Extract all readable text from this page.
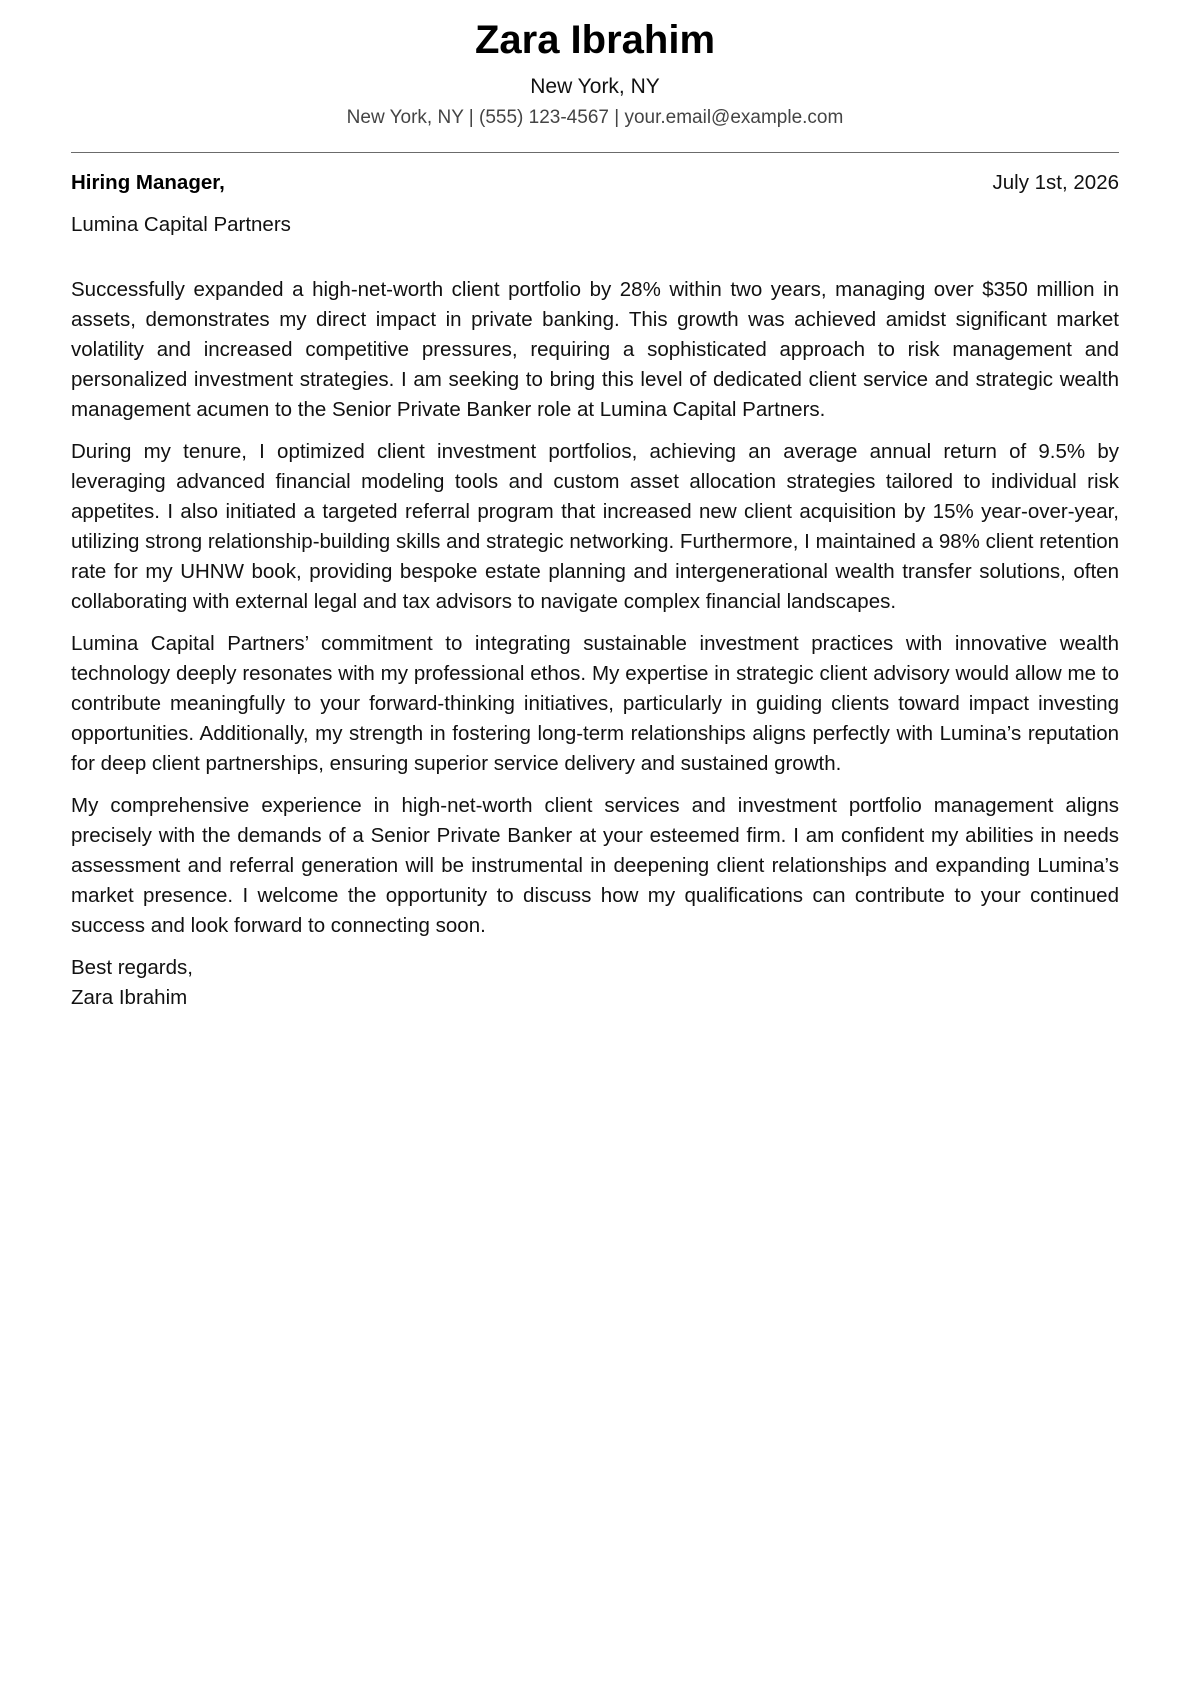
Zara Ibrahim
New York, NY
New York, NY | (555) 123-4567 | your.email@example.com
Hiring Manager,	July 1st, 2026
Lumina Capital Partners

Successfully expanded a high-net-worth client portfolio by 28% within two years, managing over $350 million in assets, demonstrates my direct impact in private banking. This growth was achieved amidst significant market volatility and increased competitive pressures, requiring a sophisticated approach to risk management and personalized investment strategies. I am seeking to bring this level of dedicated client service and strategic wealth management acumen to the Senior Private Banker role at Lumina Capital Partners.

During my tenure, I optimized client investment portfolios, achieving an average annual return of 9.5% by leveraging advanced financial modeling tools and custom asset allocation strategies tailored to individual risk appetites. I also initiated a targeted referral program that increased new client acquisition by 15% year-over-year, utilizing strong relationship-building skills and strategic networking. Furthermore, I maintained a 98% client retention rate for my UHNW book, providing bespoke estate planning and intergenerational wealth transfer solutions, often collaborating with external legal and tax advisors to navigate complex financial landscapes.

Lumina Capital Partners’ commitment to integrating sustainable investment practices with innovative wealth technology deeply resonates with my professional ethos. My expertise in strategic client advisory would allow me to contribute meaningfully to your forward-thinking initiatives, particularly in guiding clients toward impact investing opportunities. Additionally, my strength in fostering long-term relationships aligns perfectly with Lumina’s reputation for deep client partnerships, ensuring superior service delivery and sustained growth.

My comprehensive experience in high-net-worth client services and investment portfolio management aligns precisely with the demands of a Senior Private Banker at your esteemed firm. I am confident my abilities in needs assessment and referral generation will be instrumental in deepening client relationships and expanding Lumina’s market presence. I welcome the opportunity to discuss how my qualifications can contribute to your continued success and look forward to connecting soon.

Best regards,
Zara Ibrahim
